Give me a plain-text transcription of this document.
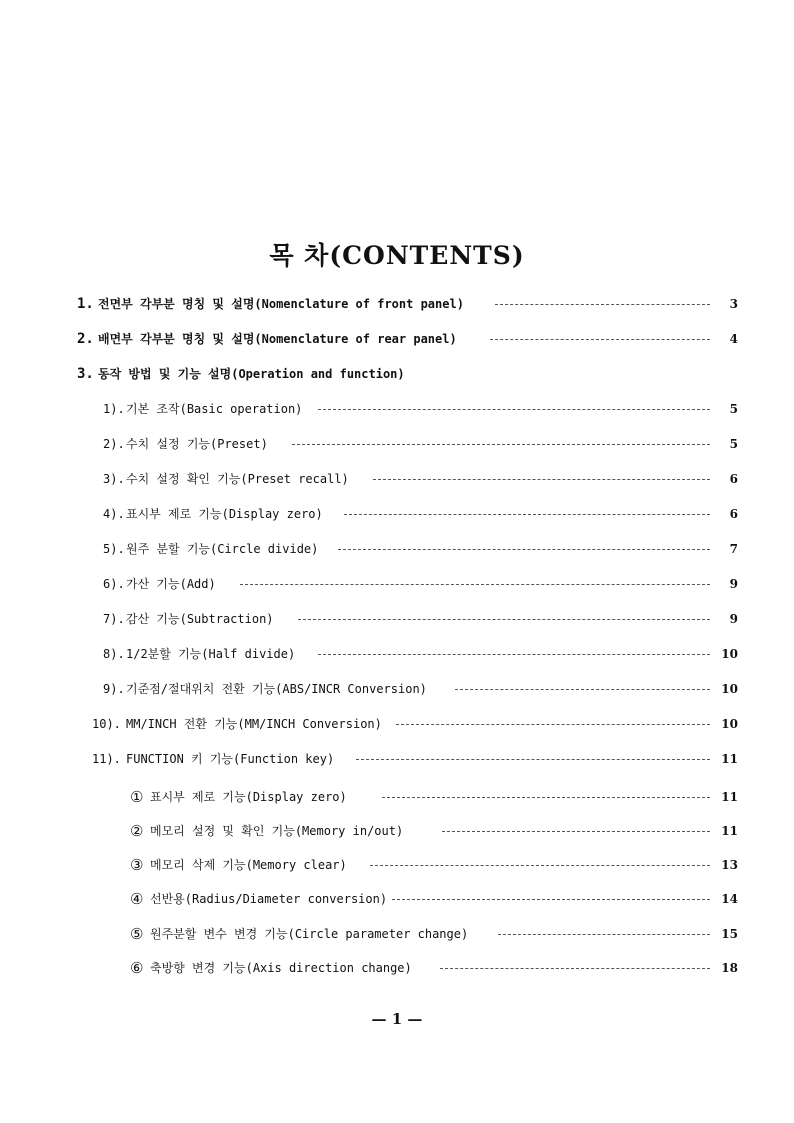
목 차(CONTENTS)
1. 전면부 각부분 명칭 및 설명(Nomenclature of front panel)	3
2. 배면부 각부분 명칭 및 설명(Nomenclature of rear panel)	4
3. 동작 방법 및 기능 설명(Operation and function)
1). 기본 조작(Basic operation)	5
2). 수치 설정 기능(Preset)	5
3). 수치 설정 확인 기능(Preset recall)	6
4). 표시부 제로 기능(Display zero)	6
5). 원주 분할 기능(Circle divide)	7
6). 가산 기능(Add)	9
7). 감산 기능(Subtraction)	9
8). 1/2분할 기능(Half divide)	10
9). 기준점/절대위치 전환 기능(ABS/INCR Conversion)	10
10). MM/INCH 전환 기능(MM/INCH Conversion)	10
11). FUNCTION 키 기능(Function key)	11
① 표시부 제로 기능(Display zero)	11
② 메모리 설정 및 확인 기능(Memory in/out)	11
③ 메모리 삭제 기능(Memory clear)	13
④ 선반용(Radius/Diameter conversion)	14
⑤ 원주분할 변수 변경 기능(Circle parameter change)	15
⑥ 축방향 변경 기능(Axis direction change)	18
— 1 —
